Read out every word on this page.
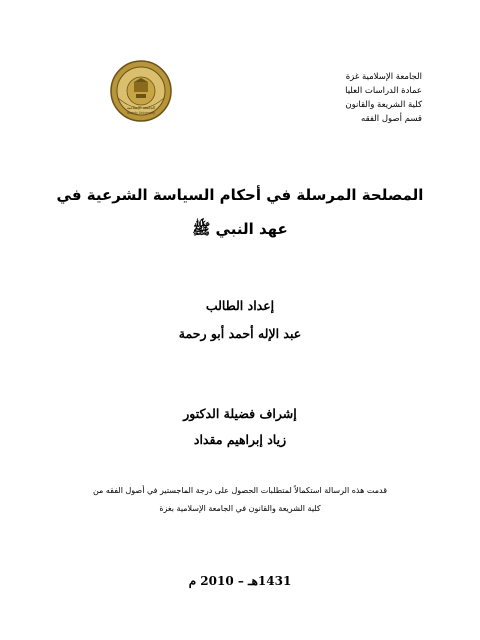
الجامعة الإسلامية
Islamic University
الجامعة الإسلامية غزة
عمادة الدراسات العليا
كلية الشريعة والقانون
قسم أصول الفقه
المصلحة المرسلة في أحكام السياسة الشرعية في
عهد النبي ﷺ
إعداد الطالب
عبد الإله أحمد أبو رحمة
إشراف فضيلة الدكتور
زياد إبراهيم مقداد
قدمت هذه الرسالة استكمالاً لمتطلبات الحصول على درجة الماجستير في أصول الفقه من
كلية الشريعة والقانون في الجامعة الإسلامية بغزة
1431هـ – 2010 م
